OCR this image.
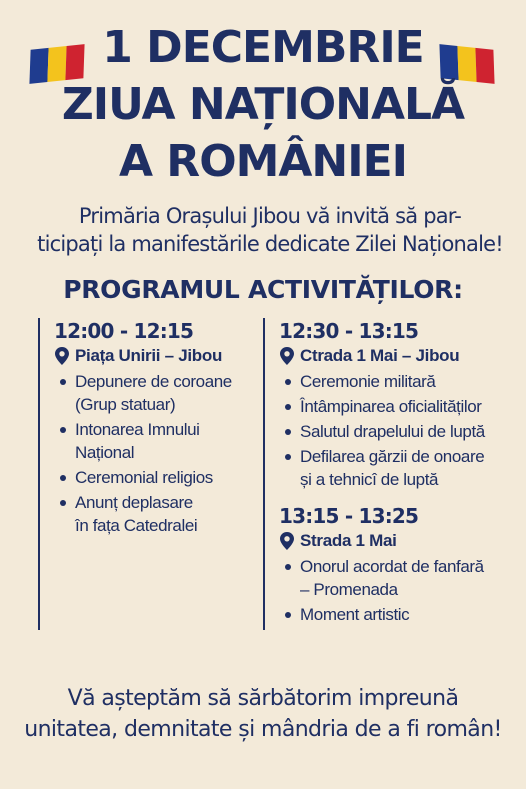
1 DECEMBRIE
ZIUA NAȚIONALĂ
A ROMÂNIEI
Primăria Orașului Jibou vă invită să par-
ticipați la manifestările dedicate Zilei Naționale!
PROGRAMUL ACTIVITĂȚILOR:
12:00 - 12:15
Piața Unirii – Jibou
Depunere de coroane
(Grup statuar)
Intonarea Imnului
Național
Ceremonial religios
Anunț deplasare
în fața Catedralei
12:30 - 13:15
Ctrada 1 Mai – Jibou
Ceremonie militară
Întâmpinarea oficialităților
Salutul drapelului de luptă
Defilarea gărzii de onoare
și a tehnicî de luptă
13:15 - 13:25
Strada 1 Mai
Onorul acordat de fanfară
– Promenada
Moment artistic
Vă așteptăm să sărbătorim impreună
unitatea, demnitate și mândria de a fi român!
